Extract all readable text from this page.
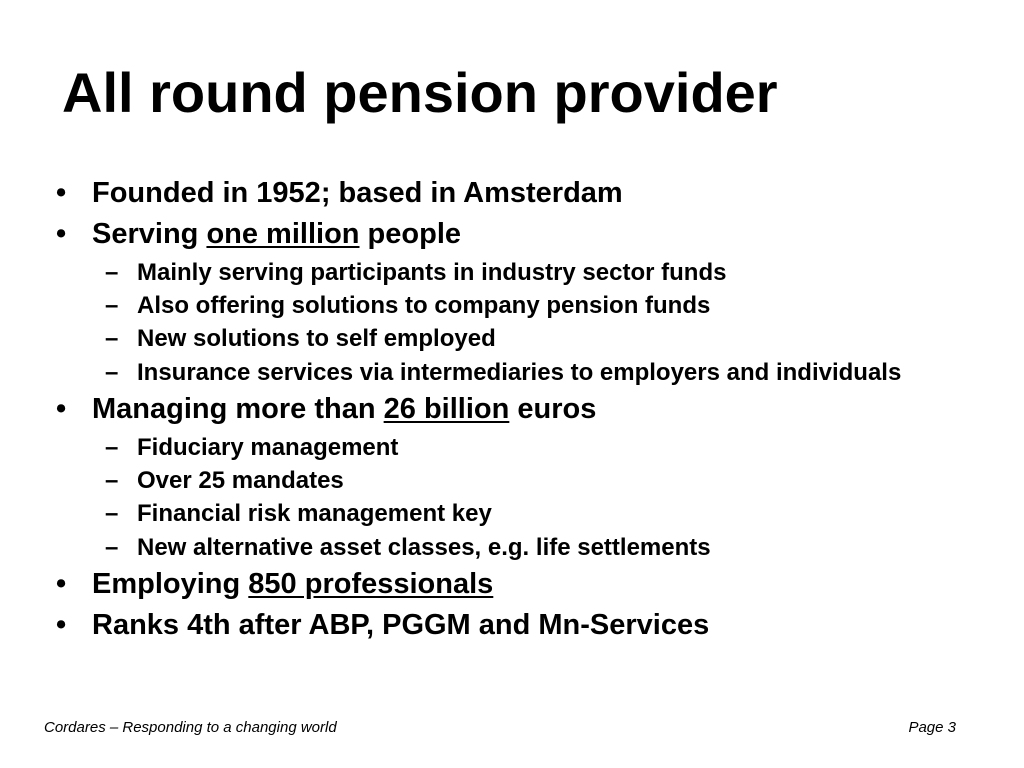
All round pension provider
• Founded in 1952; based in Amsterdam
• Serving one million people
– Mainly serving participants in industry sector funds
– Also offering solutions to company pension funds
– New solutions to self employed
– Insurance services via intermediaries to employers and individuals
• Managing more than 26 billion euros
– Fiduciary management
– Over 25 mandates
– Financial risk management key
– New alternative asset classes, e.g. life settlements
• Employing 850 professionals
• Ranks 4th after ABP, PGGM and Mn-Services
Cordares – Responding to a changing world	Page 3
